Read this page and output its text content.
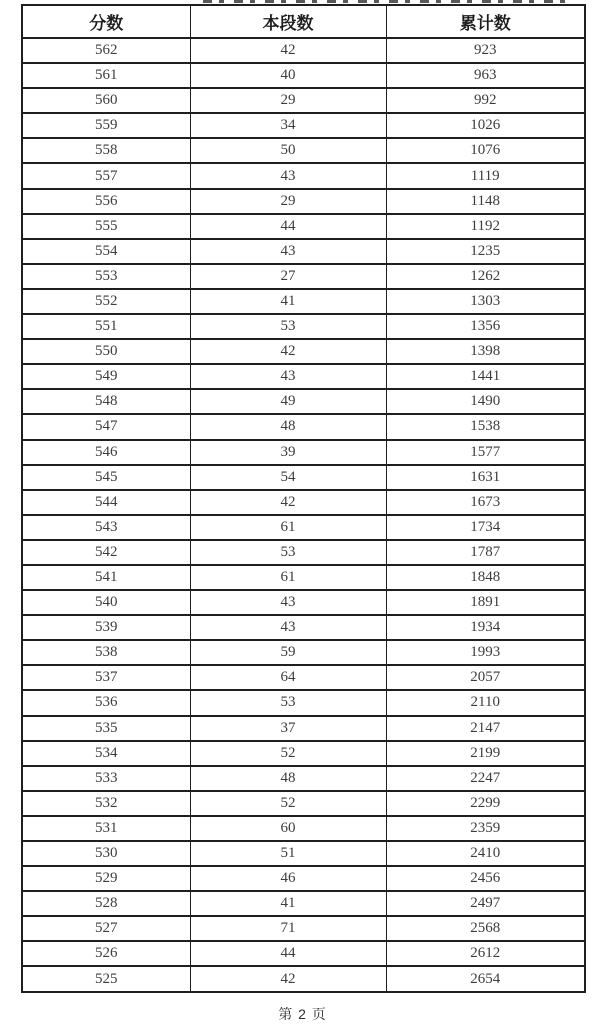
分数	本段数	累计数
562	42	923
561	40	963
560	29	992
559	34	1026
558	50	1076
557	43	1119
556	29	1148
555	44	1192
554	43	1235
553	27	1262
552	41	1303
551	53	1356
550	42	1398
549	43	1441
548	49	1490
547	48	1538
546	39	1577
545	54	1631
544	42	1673
543	61	1734
542	53	1787
541	61	1848
540	43	1891
539	43	1934
538	59	1993
537	64	2057
536	53	2110
535	37	2147
534	52	2199
533	48	2247
532	52	2299
531	60	2359
530	51	2410
529	46	2456
528	41	2497
527	71	2568
526	44	2612
525	42	2654
第 2 页
